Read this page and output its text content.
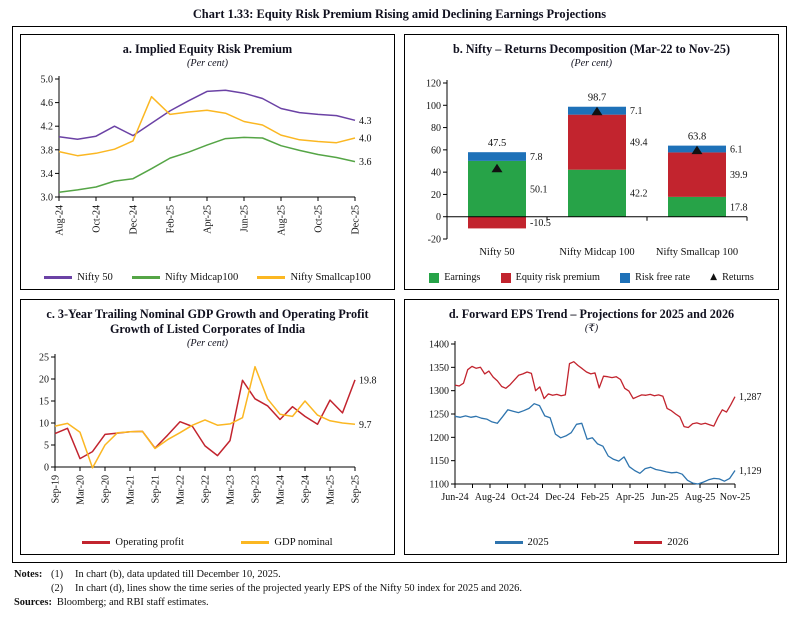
Chart 1.33: Equity Risk Premium Rising amid Declining Earnings Projections
a. Implied Equity Risk Premium
(Per cent)
3.0
3.4
3.8
4.2
4.6
5.0
Aug-24	Oct-24	Dec-24	Feb-25	Apr-25	Jun-25	Aug-25	Oct-25	Dec-25
4.3
3.6
4.0
Nifty 50	Nifty Midcap100	Nifty Smallcap100
b. Nifty – Returns Decomposition (Mar-22 to Nov-25)
(Per cent)
-20
0
20
40
60
80
100
120
50.1
-10.5
7.8
47.5
Nifty 50
42.2
49.4
7.1
98.7
Nifty Midcap 100
17.8
39.9
6.1
63.8
Nifty Smallcap 100
Earnings	Equity risk premium	Risk free rate ▲ Returns
c. 3-Year Trailing Nominal GDP Growth and Operating Profit Growth of Listed Corporates of India
(Per cent)
0
5
10
15
20
25
Sep-19 Mar-20 Sep-20 Mar-21 Sep-21 Mar-22 Sep-22 Mar-23 Sep-23 Mar-24 Sep-24 Mar-25 Sep-25
19.8
9.7
Operating profit	GDP nominal
d. Forward EPS Trend – Projections for 2025 and 2026
(₹)
1100
1150
1200
1250
1300
1350
1400
Jun-24 Aug-24 Oct-24 Dec-24 Feb-25 Apr-25 Jun-25 Aug-25 Nov-25
1,129
1,287
2025	2026
Notes: (1)	In chart (b), data updated till December 10, 2025.
(2)	In chart (d), lines show the time series of the projected yearly EPS of the Nifty 50 index for 2025 and 2026.
Sources: Bloomberg; and RBI staff estimates.
